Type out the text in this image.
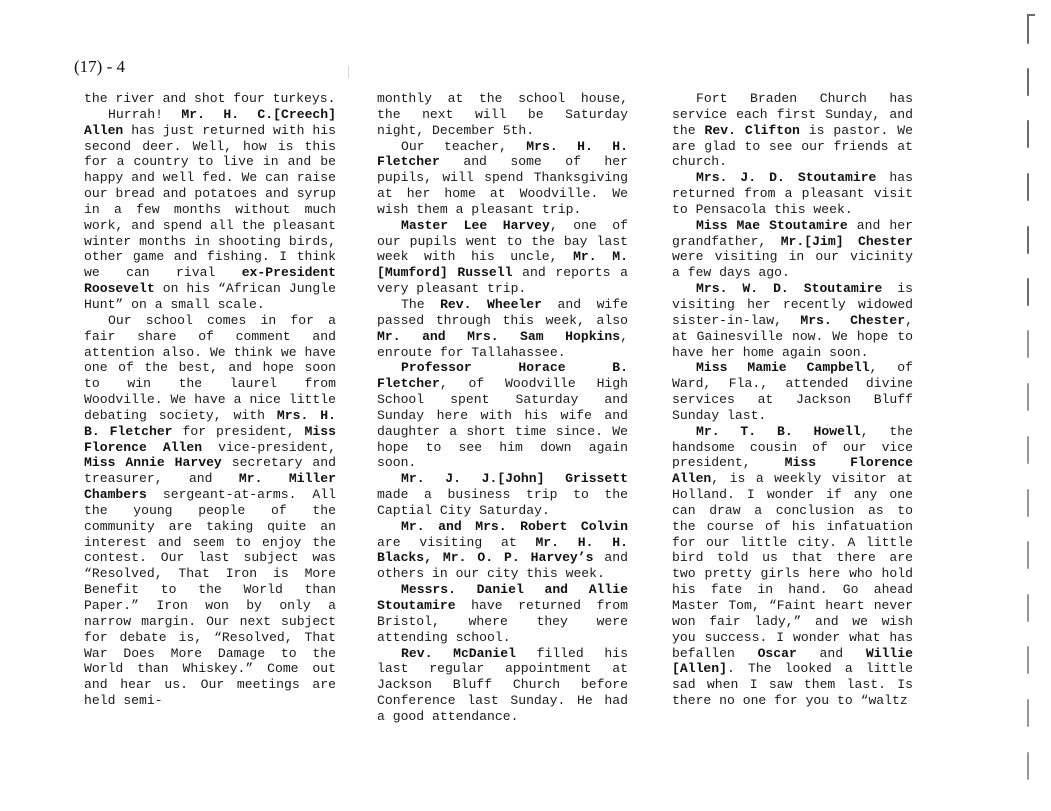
(17) - 4

the river and shot four turkeys.

Hurrah! Mr. H. C.[Creech] Allen has just returned with his second deer. Well, how is this for a country to live in and be happy and well fed. We can raise our bread and potatoes and syrup in a few months without much work, and spend all the pleasant winter months in shooting birds, other game and fishing. I think we can rival ex-President Roosevelt on his “African Jungle Hunt” on a small scale.

Our school comes in for a fair share of comment and attention also. We think we have one of the best, and hope soon to win the laurel from Woodville. We have a nice little debating society, with Mrs. H. B. Fletcher for president, Miss Florence Allen vice-president, Miss Annie Harvey secretary and treasurer, and Mr. Miller Chambers sergeant-at-arms. All the young people of the community are taking quite an interest and seem to enjoy the contest. Our last subject was “Resolved, That Iron is More Benefit to the World than Paper.” Iron won by only a narrow margin. Our next subject for debate is, “Resolved, That War Does More Damage to the World than Whiskey.” Come out and hear us. Our meetings are held semi-

monthly at the school house, the next will be Saturday night, December 5th.

Our teacher, Mrs. H. H. Fletcher and some of her pupils, will spend Thanksgiving at her home at Woodville. We wish them a pleasant trip.

Master Lee Harvey, one of our pupils went to the bay last week with his uncle, Mr. M. [Mumford] Russell and reports a very pleasant trip.

The Rev. Wheeler and wife passed through this week, also Mr. and Mrs. Sam Hopkins, enroute for Tallahassee.

Professor Horace B. Fletcher, of Woodville High School spent Saturday and Sunday here with his wife and daughter a short time since. We hope to see him down again soon.

Mr. J. J.[John] Grissett made a business trip to the Captial City Saturday.

Mr. and Mrs. Robert Colvin are visiting at Mr. H. H. Blacks, Mr. O. P. Harvey’s and others in our city this week.

Messrs. Daniel and Allie Stoutamire have returned from Bristol, where they were attending school.

Rev. McDaniel filled his last regular appointment at Jackson Bluff Church before Conference last Sunday. He had a good attendance.

Fort Braden Church has service each first Sunday, and the Rev. Clifton is pastor. We are glad to see our friends at church.

Mrs. J. D. Stoutamire has returned from a pleasant visit to Pensacola this week.

Miss Mae Stoutamire and her grandfather, Mr.[Jim] Chester were visiting in our vicinity a few days ago.

Mrs. W. D. Stoutamire is visiting her recently widowed sister-in-law, Mrs. Chester, at Gainesville now. We hope to have her home again soon.

Miss Mamie Campbell, of Ward, Fla., attended divine services at Jackson Bluff Sunday last.

Mr. T. B. Howell, the handsome cousin of our vice president, Miss Florence Allen, is a weekly visitor at Holland. I wonder if any one can draw a conclusion as to the course of his infatuation for our little city. A little bird told us that there are two pretty girls here who hold his fate in hand. Go ahead Master Tom, “Faint heart never won fair lady,” and we wish you success. I wonder what has befallen Oscar and Willie [Allen]. The looked a little sad when I saw them last. Is there no one for you to “waltz
